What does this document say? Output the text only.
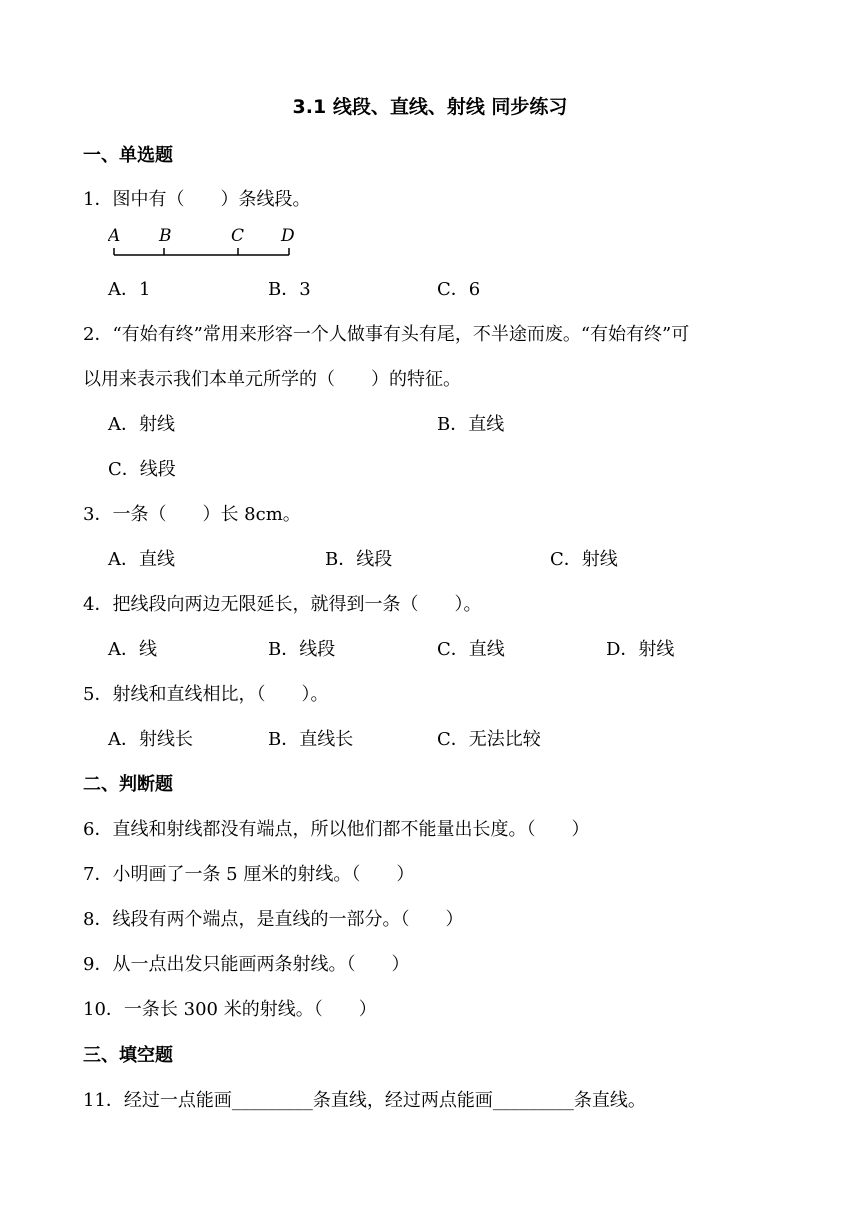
3.1 线段、直线、射线 同步练习
一、单选题
1．图中有（　　）条线段。
A B	C D
A．1	B．3	C．6
2．“有始有终”常用来形容一个人做事有头有尾，不半途而废。“有始有终”可
以用来表示我们本单元所学的（　　）的特征。
A．射线	B．直线
C．线段
3．一条（　　）长 8cm。
A．直线	B．线段	C．射线
4．把线段向两边无限延长，就得到一条（　　）。
A．线	B．线段	C．直线	D．射线
5．射线和直线相比，（　　）。
A．射线长	B．直线长	C．无法比较
二、判断题
6．直线和射线都没有端点，所以他们都不能量出长度。（　　）
7．小明画了一条 5 厘米的射线。（　　）
8．线段有两个端点，是直线的一部分。（　　）
9．从一点出发只能画两条射线。（　　）
10．一条长 300 米的射线。（　　）
三、填空题
11．经过一点能画_________条直线，经过两点能画_________条直线。
